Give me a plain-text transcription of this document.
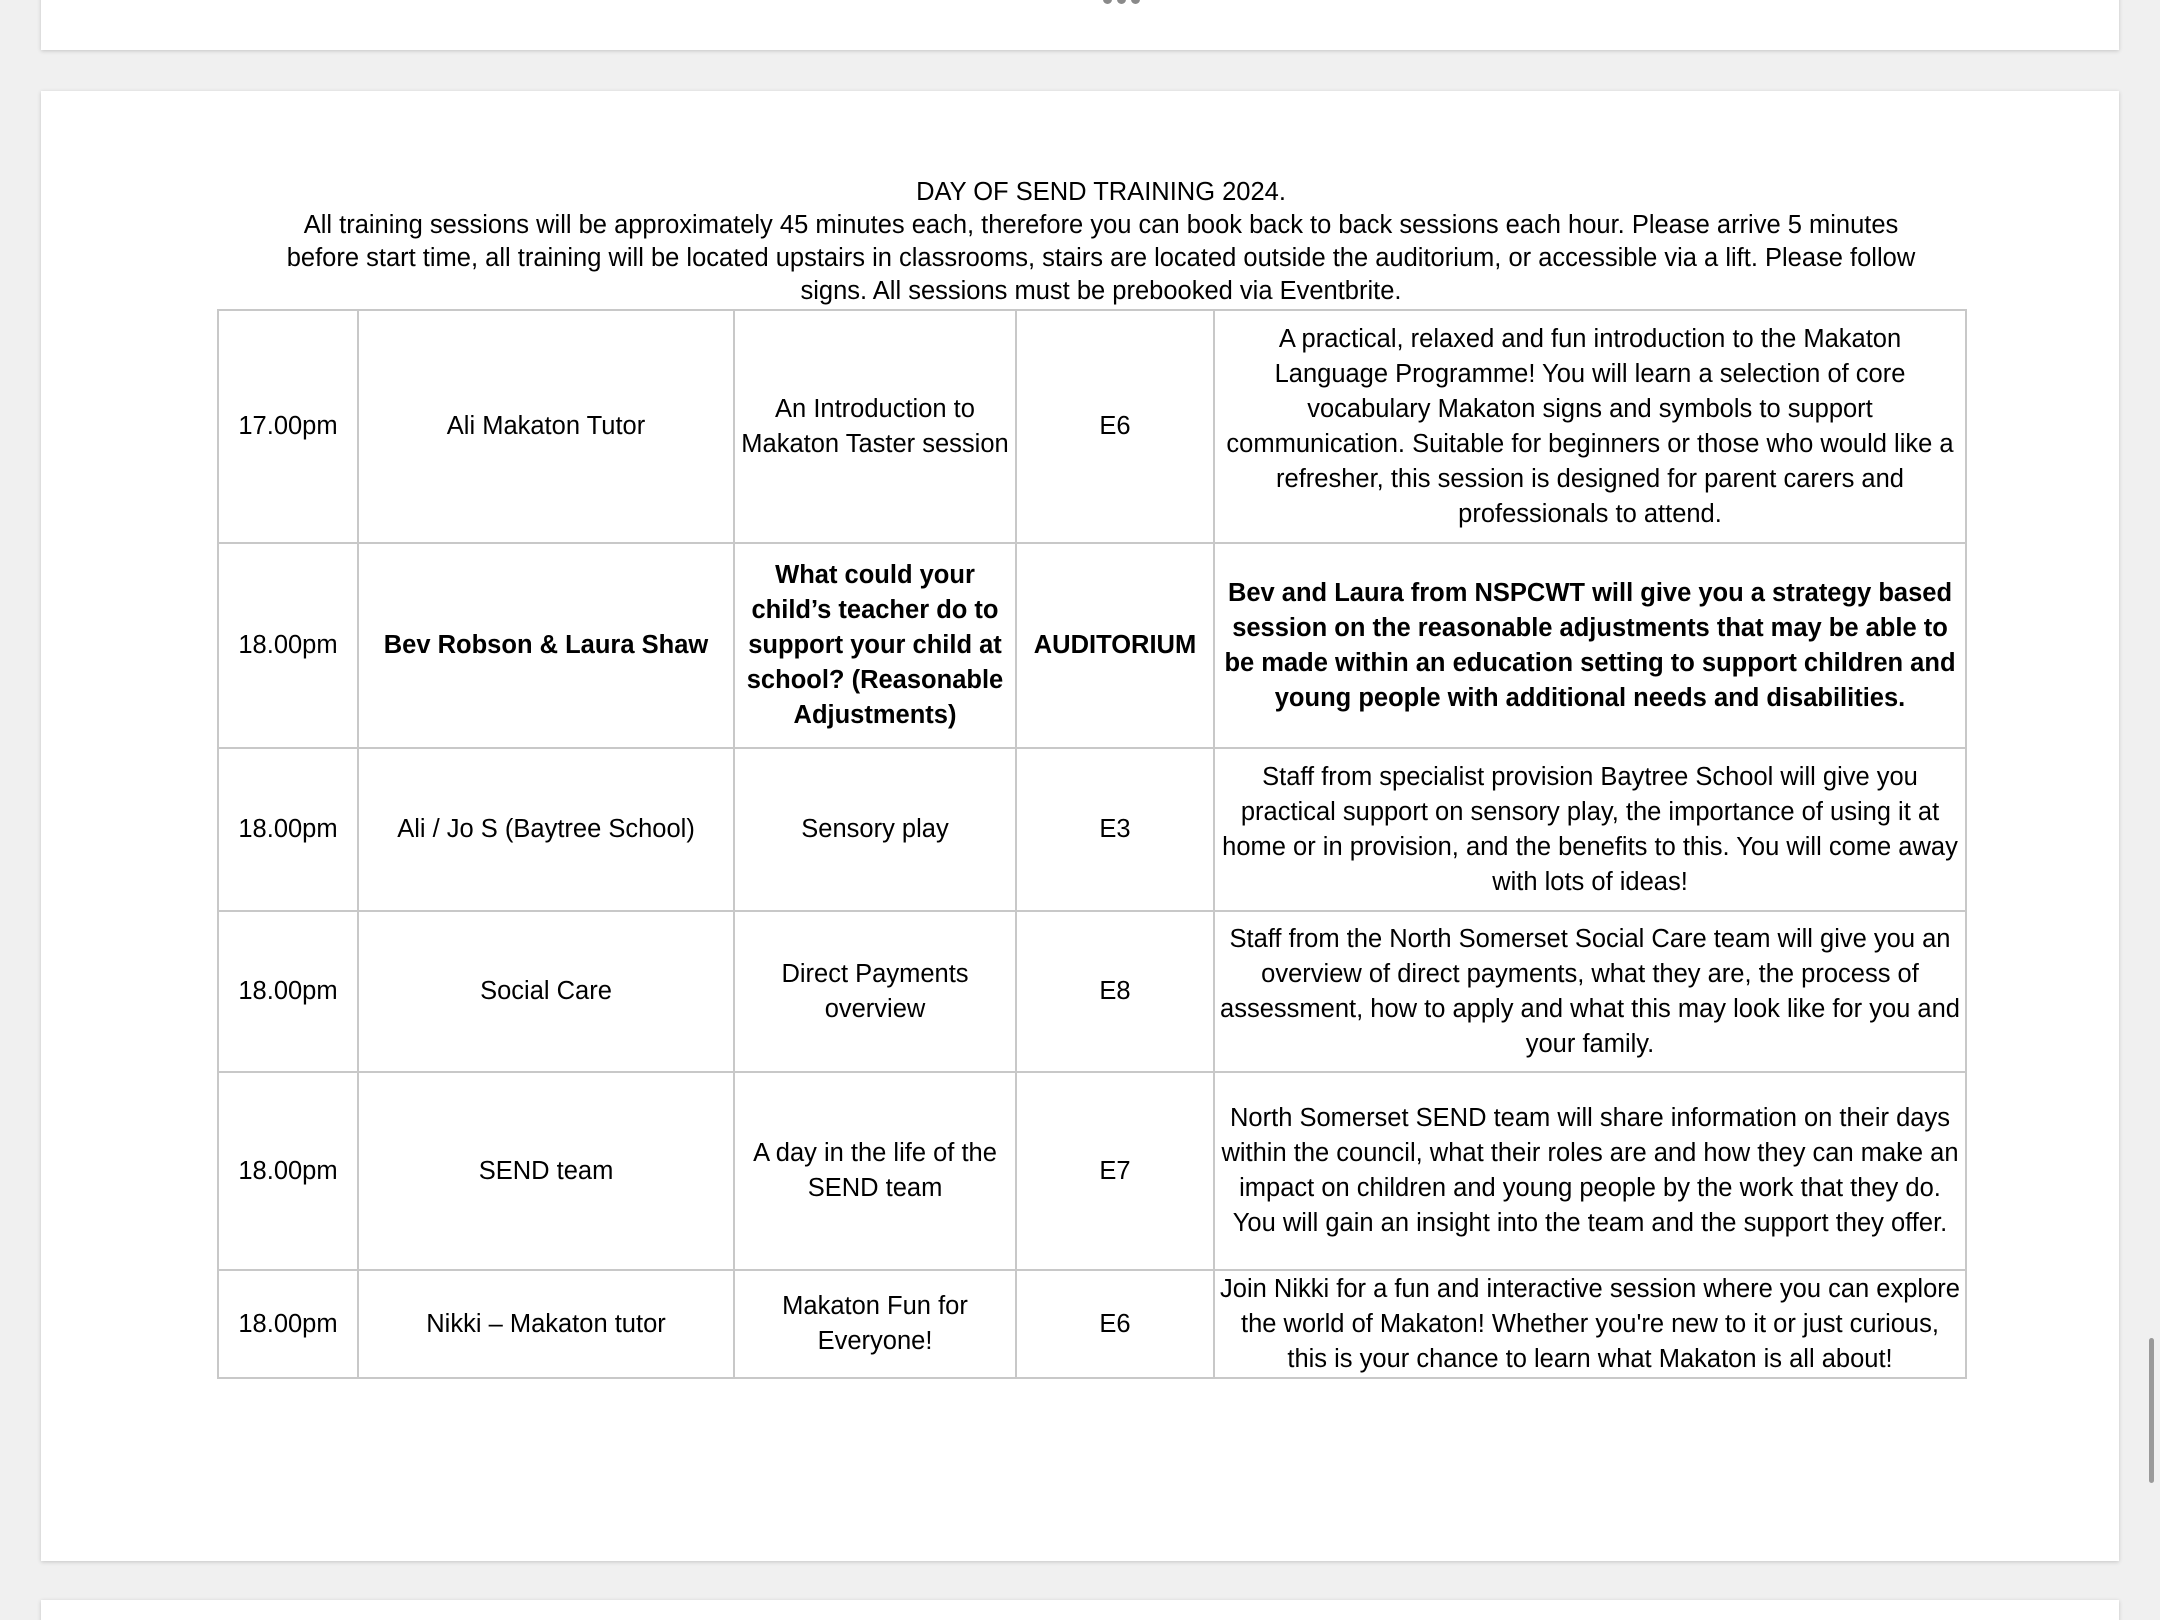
DAY OF SEND TRAINING 2024.
All training sessions will be approximately 45 minutes each, therefore you can book back to back sessions each hour. Please arrive 5 minutes before start time, all training will be located upstairs in classrooms, stairs are located outside the auditorium, or accessible via a lift. Please follow signs. All sessions must be prebooked via Eventbrite.
17.00pm	Ali Makaton Tutor	An Introduction to Makaton Taster session	E6	A practical, relaxed and fun introduction to the Makaton Language Programme! You will learn a selection of core vocabulary Makaton signs and symbols to support communication. Suitable for beginners or those who would like a refresher, this session is designed for parent carers and professionals to attend.
18.00pm	Bev Robson & Laura Shaw	What could your child’s teacher do to support your child at school? (Reasonable Adjustments)	AUDITORIUM	Bev and Laura from NSPCWT will give you a strategy based session on the reasonable adjustments that may be able to be made within an education setting to support children and young people with additional needs and disabilities.
18.00pm	Ali / Jo S (Baytree School)	Sensory play	E3	Staff from specialist provision Baytree School will give you practical support on sensory play, the importance of using it at home or in provision, and the benefits to this. You will come away with lots of ideas!
18.00pm	Social Care	Direct Payments overview	E8	Staff from the North Somerset Social Care team will give you an overview of direct payments, what they are, the process of assessment, how to apply and what this may look like for you and your family.
18.00pm	SEND team	A day in the life of the SEND team	E7	North Somerset SEND team will share information on their days within the council, what their roles are and how they can make an impact on children and young people by the work that they do. You will gain an insight into the team and the support they offer.
18.00pm	Nikki – Makaton tutor	Makaton Fun for Everyone!	E6	Join Nikki for a fun and interactive session where you can explore the world of Makaton! Whether you're new to it or just curious, this is your chance to learn what Makaton is all about!
